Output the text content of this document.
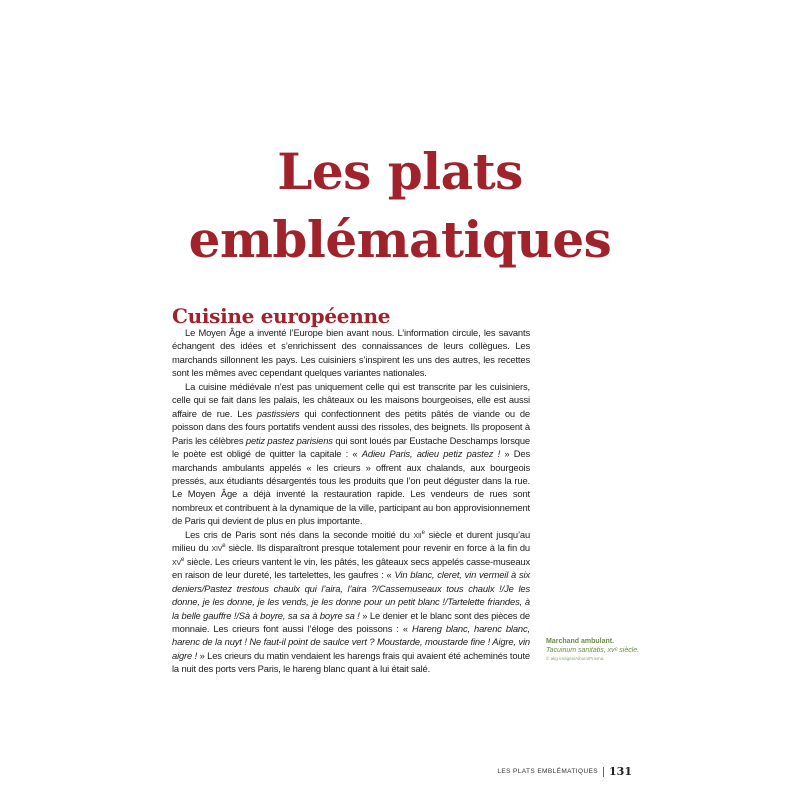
Les plats
emblématiques
Cuisine européenne

Le Moyen Âge a inventé l’Europe bien avant nous. L’information circule, les savants échangent des idées et s’enrichissent des connaissances de leurs collègues. Les marchands sillonnent les pays. Les cuisiniers s’inspirent les uns des autres, les recettes sont les mêmes avec cependant quelques variantes nationales.

La cuisine médiévale n’est pas uniquement celle qui est transcrite par les cuisiniers, celle qui se fait dans les palais, les châteaux ou les maisons bourgeoises, elle est aussi affaire de rue. Les pastissiers qui confectionnent des petits pâtés de viande ou de poisson dans des fours portatifs vendent aussi des rissoles, des beignets. Ils proposent à Paris les célèbres petiz pastez parisiens qui sont loués par Eustache Deschamps lorsque le poète est obligé de quitter la capitale : « Adieu Paris, adieu petiz pastez ! » Des marchands ambulants appelés « les crieurs » offrent aux chalands, aux bourgeois pressés, aux étudiants désargentés tous les produits que l’on peut déguster dans la rue. Le Moyen Âge a déjà inventé la restauration rapide. Les vendeurs de rues sont nombreux et contribuent à la dynamique de la ville, participant au bon approvisionnement de Paris qui devient de plus en plus importante.

Les cris de Paris sont nés dans la seconde moitié du xii$^e$ siècle et durent jusqu’au milieu du xiv$^e$ siècle. Ils disparaîtront presque totalement pour revenir en force à la fin du $xv^e$ siècle. Les crieurs vantent le vin, les pâtés, les gâteaux secs appelés casse-museaux en raison de leur dureté, les tartelettes, les gaufres : « Vin blanc, cleret, vin vermeil à six deniers/Pastez trestous chaulx qui l’aira, l’aira ?/Cassemuseaux tous chaulx !/Je les donne, je les donne, je les vends, je les donne pour un petit blanc !/Tartelette friandes, à la belle gauffre !/Sà à boyre, sa sa à boyre sa ! » Le denier et le blanc sont des pièces de monnaie. Les crieurs font aussi l’éloge des poissons : « Hareng blanc, harenc blanc, harenc de la nuyt ! Ne faut-il point de saulce vert ? Moustarde, moustarde fine ! Aigre, vin aigre ! » Les crieurs du matin vendaient les harengs frais qui avaient été acheminés toute la nuit des ports vers Paris, le hareng blanc quant à lui était salé.

Marchand ambulant.
Tacuinum sanitatis, xvᵉ siècle.
© akg-images/Album/Prisma.
LES PLATS EMBLÉMATIQUES 131
